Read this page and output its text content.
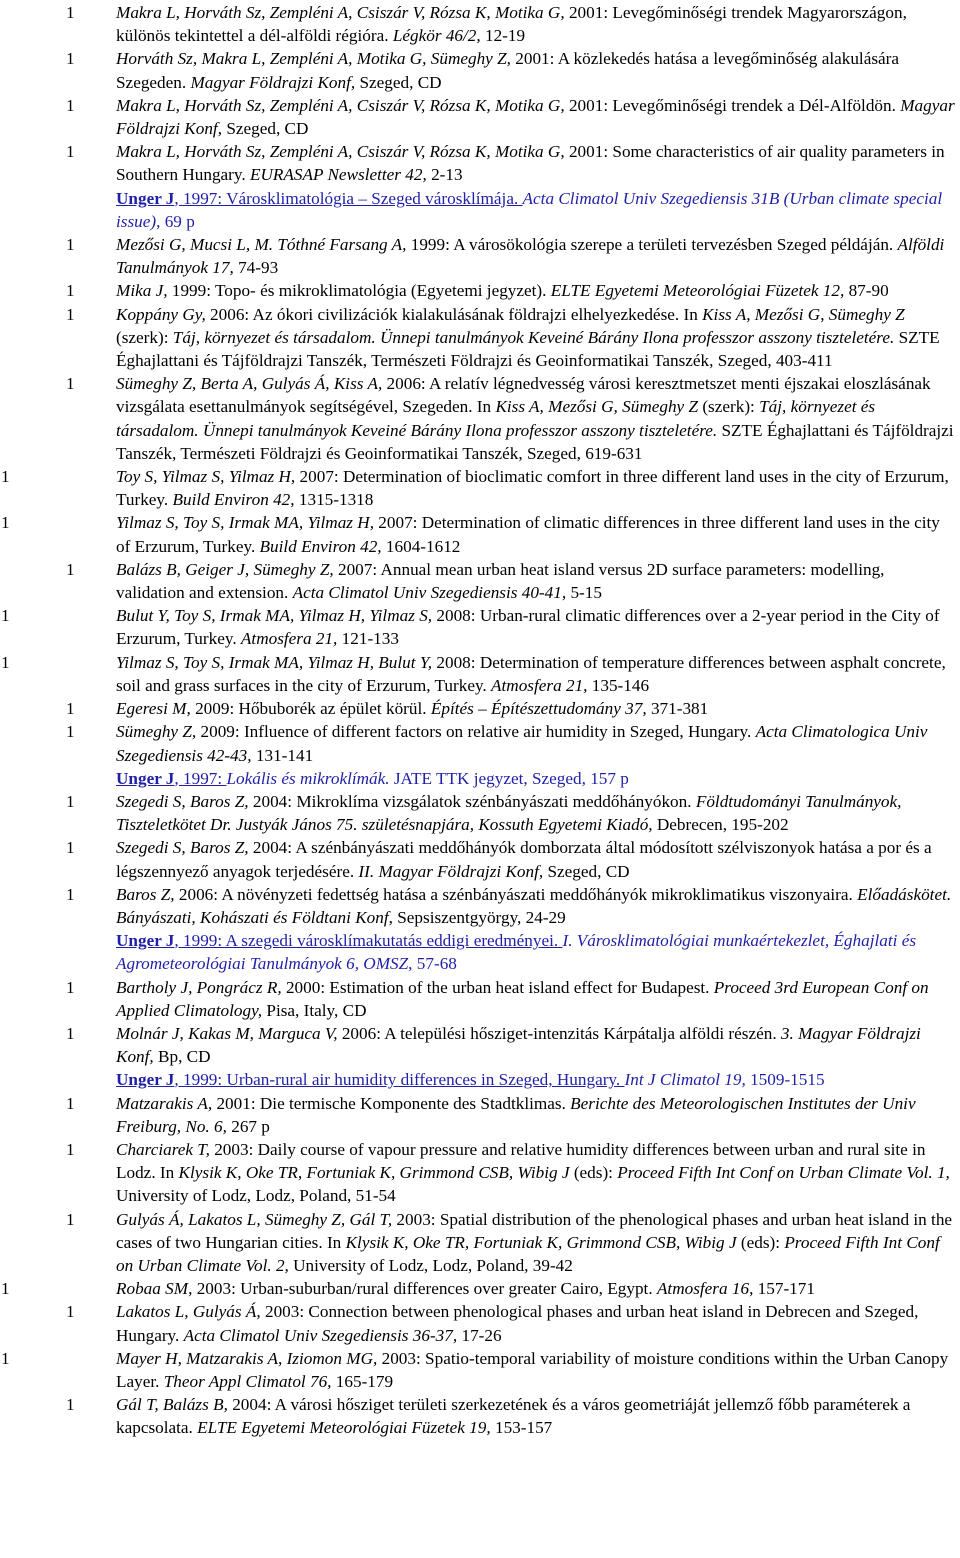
1 Makra L, Horváth Sz, Zempléni A, Csiszár V, Rózsa K, Motika G, 2001: Levegőminőségi trendek Magyarországon, különös tekintettel a dél-alföldi régióra. Légkör 46/2, 12-19

1 Horváth Sz, Makra L, Zempléni A, Motika G, Sümeghy Z, 2001: A közlekedés hatása a levegőminőség alakulására Szegeden. Magyar Földrajzi Konf, Szeged, CD

1 Makra L, Horváth Sz, Zempléni A, Csiszár V, Rózsa K, Motika G, 2001: Levegőminőségi trendek a Dél-Alföldön. Magyar Földrajzi Konf, Szeged, CD

1 Makra L, Horváth Sz, Zempléni A, Csiszár V, Rózsa K, Motika G, 2001: Some characteristics of air quality parameters in Southern Hungary. EURASAP Newsletter 42, 2-13

Unger J, 1997: Városklimatológia – Szeged városklímája. Acta Climatol Univ Szegediensis 31B (Urban climate special issue), 69 p

1 Mezősi G, Mucsi L, M. Tóthné Farsang A, 1999: A városökológia szerepe a területi tervezésben Szeged példáján. Alföldi Tanulmányok 17, 74-93

1 Mika J, 1999: Topo- és mikroklimatológia (Egyetemi jegyzet). ELTE Egyetemi Meteorológiai Füzetek 12, 87-90

1 Koppány Gy, 2006: Az ókori civilizációk kialakulásának földrajzi elhelyezkedése. In Kiss A, Mezősi G, Sümeghy Z (szerk): Táj, környezet és társadalom. Ünnepi tanulmányok Keveiné Bárány Ilona professzor asszony tiszteletére. SZTE Éghajlattani és Tájföldrajzi Tanszék, Természeti Földrajzi és Geoinformatikai Tanszék, Szeged, 403-411

1 Sümeghy Z, Berta A, Gulyás Á, Kiss A, 2006: A relatív légnedvesség városi keresztmetszet menti éjszakai eloszlásának vizsgálata esettanulmányok segítségével, Szegeden. In Kiss A, Mezősi G, Sümeghy Z (szerk): Táj, környezet és társadalom. Ünnepi tanulmányok Keveiné Bárány Ilona professzor asszony tiszteletére. SZTE Éghajlattani és Tájföldrajzi Tanszék, Természeti Földrajzi és Geoinformatikai Tanszék, Szeged, 619-631

1	Toy S, Yilmaz S, Yilmaz H, 2007: Determination of bioclimatic comfort in three different land uses in the city of Erzurum, Turkey. Build Environ 42, 1315-1318

1	Yilmaz S, Toy S, Irmak MA, Yilmaz H, 2007: Determination of climatic differences in three different land uses in the city of Erzurum, Turkey. Build Environ 42, 1604-1612

1 Balázs B, Geiger J, Sümeghy Z, 2007: Annual mean urban heat island versus 2D surface parameters: modelling, validation and extension. Acta Climatol Univ Szegediensis 40-41, 5-15

1	Bulut Y, Toy S, Irmak MA, Yilmaz H, Yilmaz S, 2008: Urban-rural climatic differences over a 2-year period in the City of Erzurum, Turkey. Atmosfera 21, 121-133

1	Yilmaz S, Toy S, Irmak MA, Yilmaz H, Bulut Y, 2008: Determination of temperature differences between asphalt concrete, soil and grass surfaces in the city of Erzurum, Turkey. Atmosfera 21, 135-146

1 Egeresi M, 2009: Hőbuborék az épület körül. Építés – Építészettudomány 37, 371-381

1 Sümeghy Z, 2009: Influence of different factors on relative air humidity in Szeged, Hungary. Acta Climatologica Univ Szegediensis 42-43, 131-141

Unger J, 1997: Lokális és mikroklímák. JATE TTK jegyzet, Szeged, 157 p

1 Szegedi S, Baros Z, 2004: Mikroklíma vizsgálatok szénbányászati meddőhányókon. Földtudományi Tanulmányok, Tiszteletkötet Dr. Justyák János 75. születésnapjára, Kossuth Egyetemi Kiadó, Debrecen, 195-202

1 Szegedi S, Baros Z, 2004: A szénbányászati meddőhányók domborzata által módosított szélviszonyok hatása a por és a légszennyező anyagok terjedésére. II. Magyar Földrajzi Konf, Szeged, CD

1 Baros Z, 2006: A növényzeti fedettség hatása a szénbányászati meddőhányók mikroklimatikus viszonyaira. Előadáskötet. Bányászati, Kohászati és Földtani Konf, Sepsiszentgyörgy, 24-29

Unger J, 1999: A szegedi városklímakutatás eddigi eredményei. I. Városklimatológiai munkaértekezlet, Éghajlati és Agrometeorológiai Tanulmányok 6, OMSZ, 57-68

1 Bartholy J, Pongrácz R, 2000: Estimation of the urban heat island effect for Budapest. Proceed 3rd European Conf on Applied Climatology, Pisa, Italy, CD

1 Molnár J, Kakas M, Marguca V, 2006: A települési hősziget-intenzitás Kárpátalja alföldi részén. 3. Magyar Földrajzi Konf, Bp, CD

Unger J, 1999: Urban-rural air humidity differences in Szeged, Hungary. Int J Climatol 19, 1509-1515

1 Matzarakis A, 2001: Die termische Komponente des Stadtklimas. Berichte des Meteorologischen Institutes der Univ Freiburg, No. 6, 267 p

1 Charciarek T, 2003: Daily course of vapour pressure and relative humidity differences between urban and rural site in Lodz. In Klysik K, Oke TR, Fortuniak K, Grimmond CSB, Wibig J (eds): Proceed Fifth Int Conf on Urban Climate Vol. 1, University of Lodz, Lodz, Poland, 51-54

1 Gulyás Á, Lakatos L, Sümeghy Z, Gál T, 2003: Spatial distribution of the phenological phases and urban heat island in the cases of two Hungarian cities. In Klysik K, Oke TR, Fortuniak K, Grimmond CSB, Wibig J (eds): Proceed Fifth Int Conf on Urban Climate Vol. 2, University of Lodz, Lodz, Poland, 39-42

1	Robaa SM, 2003: Urban-suburban/rural differences over greater Cairo, Egypt. Atmosfera 16, 157-171

1 Lakatos L, Gulyás Á, 2003: Connection between phenological phases and urban heat island in Debrecen and Szeged, Hungary. Acta Climatol Univ Szegediensis 36-37, 17-26

1	Mayer H, Matzarakis A, Iziomon MG, 2003: Spatio-temporal variability of moisture conditions within the Urban Canopy Layer. Theor Appl Climatol 76, 165-179

1 Gál T, Balázs B, 2004: A városi hősziget területi szerkezetének és a város geometriáját jellemző főbb paraméterek a kapcsolata. ELTE Egyetemi Meteorológiai Füzetek 19, 153-157
